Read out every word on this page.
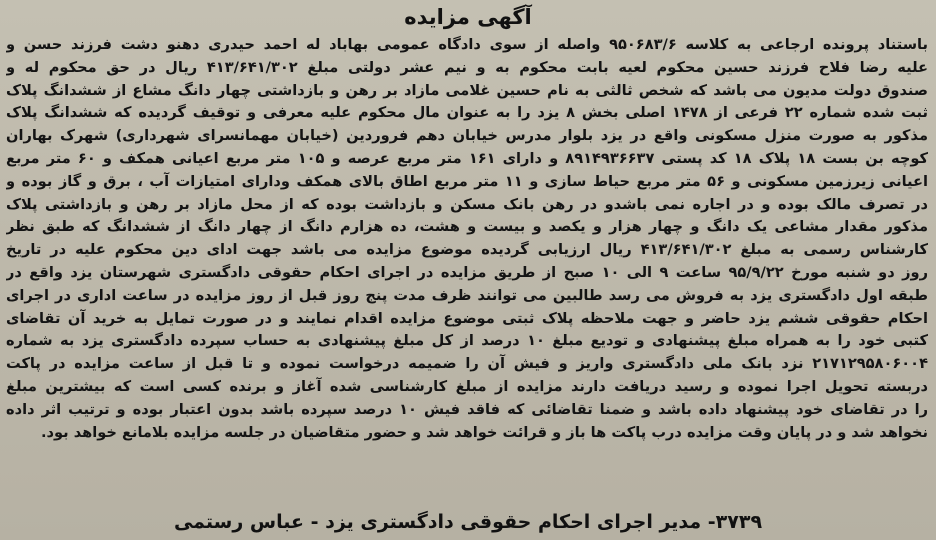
آگهی مزایده
باستناد پرونده ارجاعی به کلاسه ۹۵۰۶۸۳/۶ واصله از سوی دادگاه عمومی بهاباد له احمد حیدری دهنو دشت فرزند حسن و
علیه رضا فلاح فرزند حسین محکوم لعیه بابت محکوم به و نیم عشر دولتی مبلغ ۴۱۳/۶۴۱/۳۰۲ ریال در حق محکوم له و
صندوق دولت مدیون می باشد که شخص ثالثی به نام حسین غلامی مازاد بر رهن و بازداشتی چهار دانگ مشاع از ششدانگ پلاک
ثبت شده شماره ۲۲ فرعی از ۱۴۷۸ اصلی بخش ۸ یزد را به عنوان مال محکوم علیه معرفی و توقیف گردیده که ششدانگ پلاک
مذکور به صورت منزل مسکونی واقع در یزد بلوار مدرس خیابان دهم فروردین (خیابان مهمانسرای شهرداری) شهرک بهاران
کوچه بن بست ۱۸ پلاک ۱۸ کد پستی ۸۹۱۴۹۳۶۶۳۷ و دارای ۱۶۱ متر مربع عرصه و ۱۰۵ متر مربع اعیانی همکف و ۶۰ متر مربع
اعیانی زیرزمین مسکونی و ۵۶ متر مربع حیاط سازی و ۱۱ متر مربع اطاق بالای همکف ودارای امتیازات آب ، برق و گاز بوده و
در تصرف مالک بوده و در اجاره نمی باشدو در رهن بانک مسکن و بازداشت بوده که از محل مازاد بر رهن و بازداشتی پلاک
مذکور مقدار مشاعی یک دانگ و چهار هزار و یکصد و بیست و هشت، ده هزارم دانگ از چهار دانگ از ششدانگ که طبق نظر
کارشناس رسمی به مبلغ ۴۱۳/۶۴۱/۳۰۲ ریال ارزیابی گردیده موضوع مزایده می باشد جهت ادای دین محکوم علیه در تاریخ
روز دو شنبه مورخ ۹۵/۹/۲۲ ساعت ۹ الی ۱۰ صبح از طریق مزایده در اجرای احکام حقوقی دادگستری شهرستان یزد واقع در
طبقه اول دادگستری یزد به فروش می رسد طالبین می توانند ظرف مدت پنج روز قبل از روز مزایده در ساعت اداری در اجرای
احکام حقوقی ششم یزد حاضر و جهت ملاحظه پلاک ثبتی موضوع مزایده اقدام نمایند و در صورت تمایل به خرید آن تقاضای
کتبی خود را به همراه مبلغ پیشنهادی و تودیع مبلغ ۱۰ درصد از کل مبلغ پیشنهادی به حساب سپرده دادگستری یزد به شماره
۲۱۷۱۲۹۵۸۰۶۰۰۴ نزد بانک ملی دادگستری واریز و فیش آن را ضمیمه درخواست نموده و تا قبل از ساعت مزایده در پاکت
دربسته تحویل اجرا نموده و رسید دریافت دارند مزایده از مبلغ کارشناسی شده آغاز و برنده کسی است که بیشترین مبلغ
را در تقاضای خود پیشنهاد داده باشد و ضمنا تقاضائی که فاقد فیش ۱۰ درصد سپرده باشد بدون اعتبار بوده و ترتیب اثر داده
نخواهد شد و در پایان وقت مزایده درب پاکت ها باز و قرائت خواهد شد و حضور متقاضیان در جلسه مزایده بلامانع خواهد بود.
۳۷۳۹- مدیر اجرای احکام حقوقی دادگستری یزد - عباس رستمی
